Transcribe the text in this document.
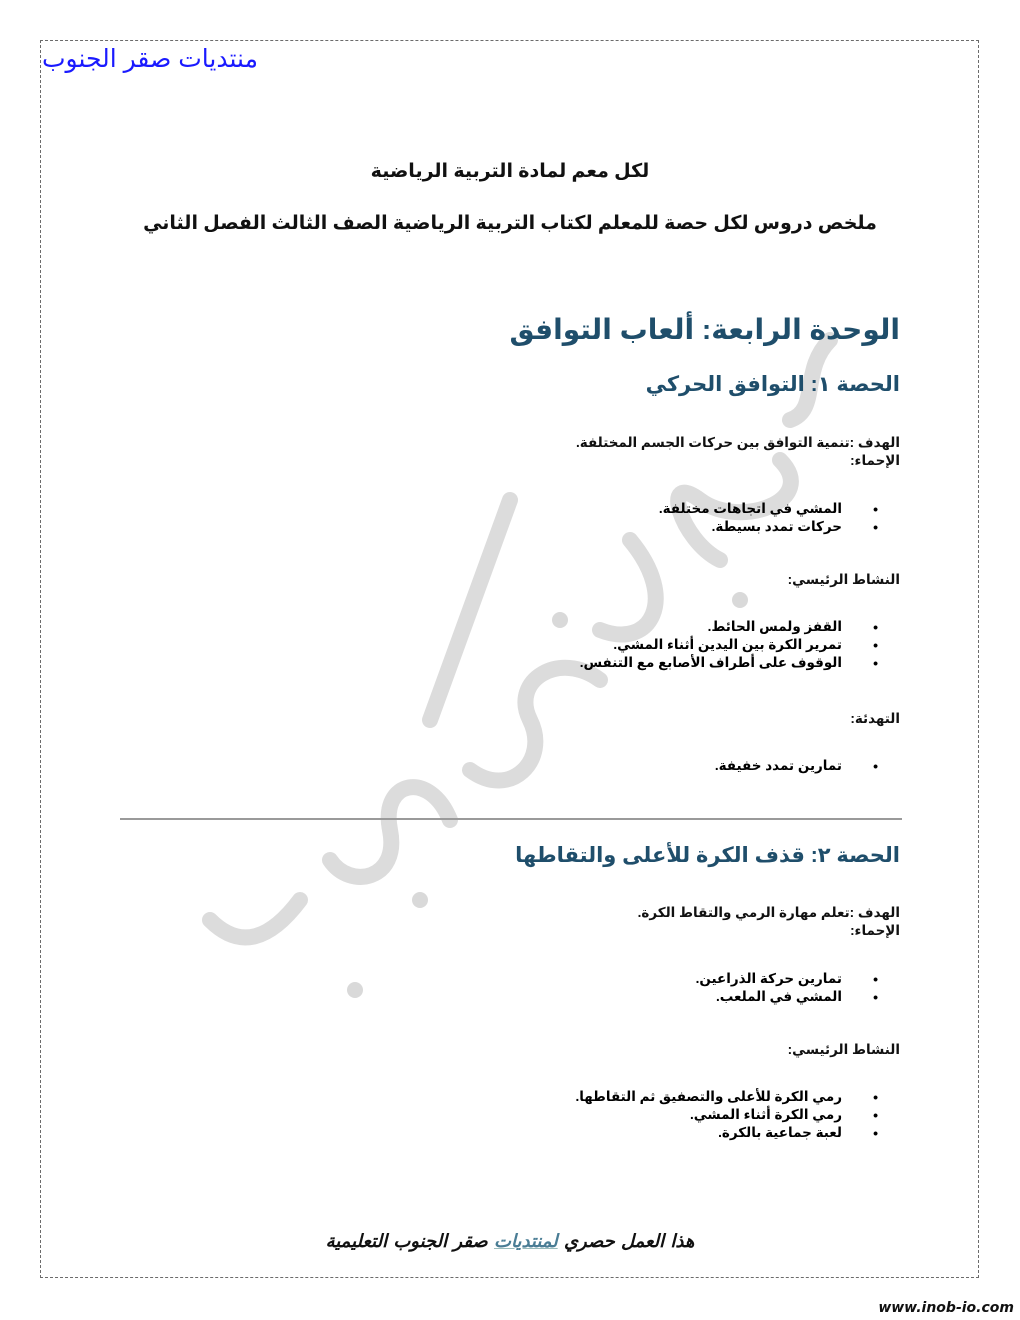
منتديات صقر الجنوب
لكل معم لمادة التربية الرياضية
ملخص دروس لكل حصة للمعلم لكتاب التربية الرياضية الصف الثالث الفصل الثاني
الوحدة الرابعة: ألعاب التوافق
الحصة ١: التوافق الحركي
الهدف :تنمية التوافق بين حركات الجسم المختلفة.
الإحماء:
•
المشي في اتجاهات مختلفة.
•
حركات تمدد بسيطة.
النشاط الرئيسي:
•
القفز ولمس الحائط.
•
تمرير الكرة بين اليدين أثناء المشي.
•
الوقوف على أطراف الأصابع مع التنفس.
التهدئة:
•
تمارين تمدد خفيفة.
الحصة ٢: قذف الكرة للأعلى والتقاطها
الهدف :تعلم مهارة الرمي والتقاط الكرة.
الإحماء:
•
تمارين حركة الذراعين.
•
المشي في الملعب.
النشاط الرئيسي:
•
رمي الكرة للأعلى والتصفيق ثم التقاطها.
•
رمي الكرة أثناء المشي.
•
لعبة جماعية بالكرة.
هذا العمل حصري لمنتديات صقر الجنوب التعليمية
www.inob-io.com
